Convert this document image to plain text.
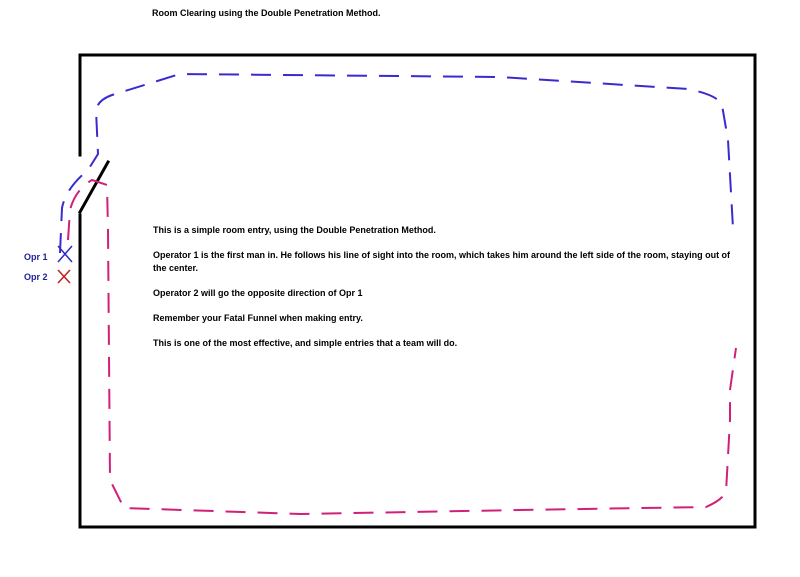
Room Clearing using the Double Penetration Method.
Opr 1
Opr 2

This is a simple room entry, using the Double Penetration Method.

Operator 1 is the first man in. He follows his line of sight into the room, which takes him around the left side of the room, staying out of the center.

Operator 2 will go the opposite direction of Opr 1

Remember your Fatal Funnel when making entry.

This is one of the most effective, and simple entries that a team will do.
